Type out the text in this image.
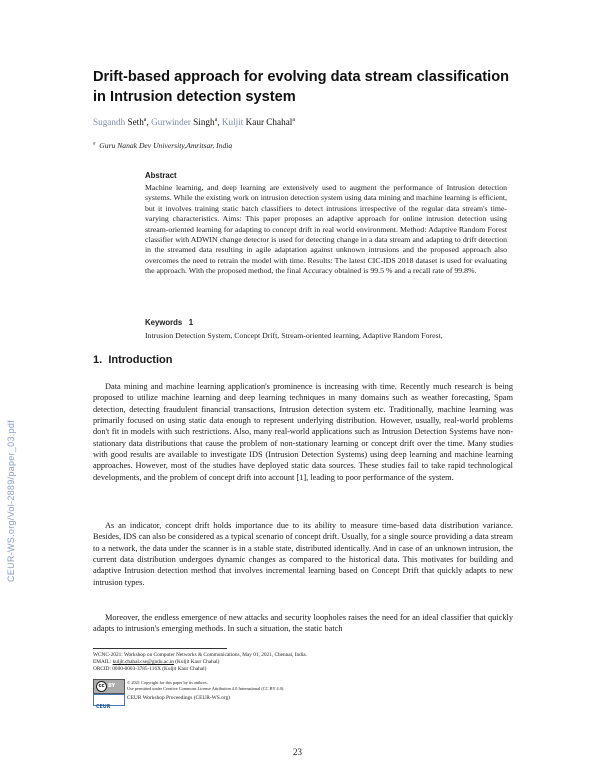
Drift-based approach for evolving data stream classification in Intrusion detection system
Sugandh Seth$^a$, Gurwinder Singh$^a$, Kuljit Kaur Chahal$^a$
$^a$ Guru Nanak Dev University,Amritsar, India
Abstract
Machine learning, and deep learning are extensively used to augment the performance of Intrusion detection systems. While the existing work on intrusion detection system using data mining and machine learning is efficient, but it involves training static batch classifiers to detect intrusions irrespective of the regular data stream's time-varying characteristics. Aims: This paper proposes an adaptive approach for online intrusion detection using stream-oriented learning for adapting to concept drift in real world environment. Method: Adaptive Random Forest classifier with ADWIN change detector is used for detecting change in a data stream and adapting to drift detection in the streamed data resulting in agile adaptation against unknown intrusions and the proposed approach also overcomes the need to retrain the model with time. Results: The latest CIC-IDS 2018 dataset is used for evaluating the approach. With the proposed method, the final Accuracy obtained is 99.5 % and a recall rate of 99.8%.
Keywords 1
Intrusion Detection System, Concept Drift, Stream-oriented learning, Adaptive Random Forest,
1. Introduction

Data mining and machine learning application's prominence is increasing with time. Recently much research is being proposed to utilize machine learning and deep learning techniques in many domains such as weather forecasting, Spam detection, detecting fraudulent financial transactions, Intrusion detection system etc. Traditionally, machine learning was primarily focused on using static data enough to represent underlying distribution. However, usually, real-world problems don't fit in models with such restrictions. Also, many real-world applications such as Intrusion Detection Systems have non-stationary data distributions that cause the problem of non-stationary learning or concept drift over the time. Many studies with good results are available to investigate IDS (Intrusion Detection Systems) using deep learning and machine learning approaches. However, most of the studies have deployed static data sources. These studies fail to take rapid technological developments, and the problem of concept drift into account [1], leading to poor performance of the system.

As an indicator, concept drift holds importance due to its ability to measure time-based data distribution variance. Besides, IDS can also be considered as a typical scenario of concept drift. Usually, for a single source providing a data stream to a network, the data under the scanner is in a stable state, distributed identically. And in case of an unknown intrusion, the current data distribution undergoes dynamic changes as compared to the historical data. This motivates for building and adaptive Intrusion detection method that involves incremental learning based on Concept Drift that quickly adapts to new intrusion types.

Moreover, the endless emergence of new attacks and security loopholes raises the need for an ideal classifier that quickly adapts to intrusion's emerging methods. In such a situation, the static batch

WCNC-2021: Workshop on Computer Networks & Communications, May 01, 2021, Chennai, India.
EMAIL: kuljit.chahal.cse@gndu.ac.in (Kuljit Kaur Chahal)
ORCID: 0000-0003-3785-116X (Kuljit Kaur Chahal)
cc BY
CEUR
© 2021 Copyright for this paper by its authors.
Use permitted under Creative Commons License Attribution 4.0 International (CC BY 4.0).
CEUR Workshop Proceedings (CEUR-WS.org)
23
CEUR-WS.org/Vol-2889/paper_03.pdf
